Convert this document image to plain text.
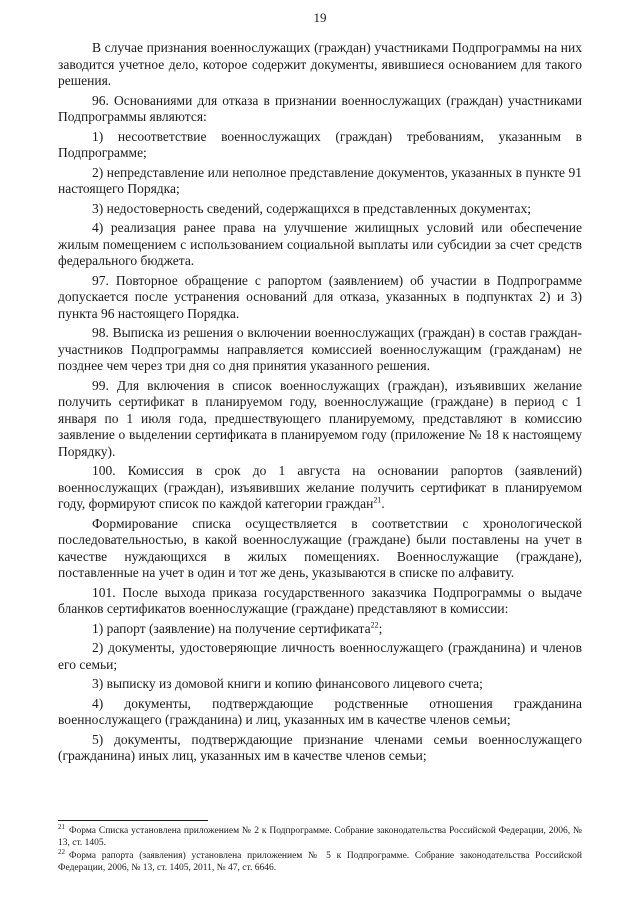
19

В случае признания военнослужащих (граждан) участниками Подпрограммы на них заводится учетное дело, которое содержит документы, явившиеся основанием для такого решения.

96. Основаниями для отказа в признании военнослужащих (граждан) участниками Подпрограммы являются:

1) несоответствие военнослужащих (граждан) требованиям, указанным в Подпрограмме;

2) непредставление или неполное представление документов, указанных в пункте 91 настоящего Порядка;

3) недостоверность сведений, содержащихся в представленных документах;

4) реализация ранее права на улучшение жилищных условий или обеспечение жилым помещением с использованием социальной выплаты или субсидии за счет средств федерального бюджета.

97. Повторное обращение с рапортом (заявлением) об участии в Подпрограмме допускается после устранения оснований для отказа, указанных в подпунктах 2) и 3) пункта 96 настоящего Порядка.

98. Выписка из решения о включении военнослужащих (граждан) в состав граждан-участников Подпрограммы направляется комиссией военнослужащим (гражданам) не позднее чем через три дня со дня принятия указанного решения.

99. Для включения в список военнослужащих (граждан), изъявивших желание получить сертификат в планируемом году, военнослужащие (граждане) в период с 1 января по 1 июля года, предшествующего планируемому, представляют в комиссию заявление о выделении сертификата в планируемом году (приложение № 18 к настоящему Порядку).

100. Комиссия в срок до 1 августа на основании рапортов (заявлений) военнослужащих (граждан), изъявивших желание получить сертификат в планируемом году, формируют список по каждой категории граждан$^{21}$.

Формирование списка осуществляется в соответствии с хронологической последовательностью, в какой военнослужащие (граждане) были поставлены на учет в качестве нуждающихся в жилых помещениях. Военнослужащие (граждане), поставленные на учет в один и тот же день, указываются в списке по алфавиту.

101. После выхода приказа государственного заказчика Подпрограммы о выдаче бланков сертификатов военнослужащие (граждане) представляют в комиссии:

1) рапорт (заявление) на получение сертификата$^{22}$;

2) документы, удостоверяющие личность военнослужащего (гражданина) и членов его семьи;

3) выписку из домовой книги и копию финансового лицевого счета;

4) документы, подтверждающие родственные отношения гражданина военнослужащего (гражданина) и лиц, указанных им в качестве членов семьи;

5) документы, подтверждающие признание членами семьи военнослужащего (гражданина) иных лиц, указанных им в качестве членов семьи;

$^{21}$ Форма Списка установлена приложением № 2 к Подпрограмме. Собрание законодательства Российской Федерации, 2006, № 13, ст. 1405.

$^{22}$ Форма рапорта (заявления) установлена приложением № 5 к Подпрограмме. Собрание законодательства Российской Федерации, 2006, № 13, ст. 1405, 2011, № 47, ст. 6646.
